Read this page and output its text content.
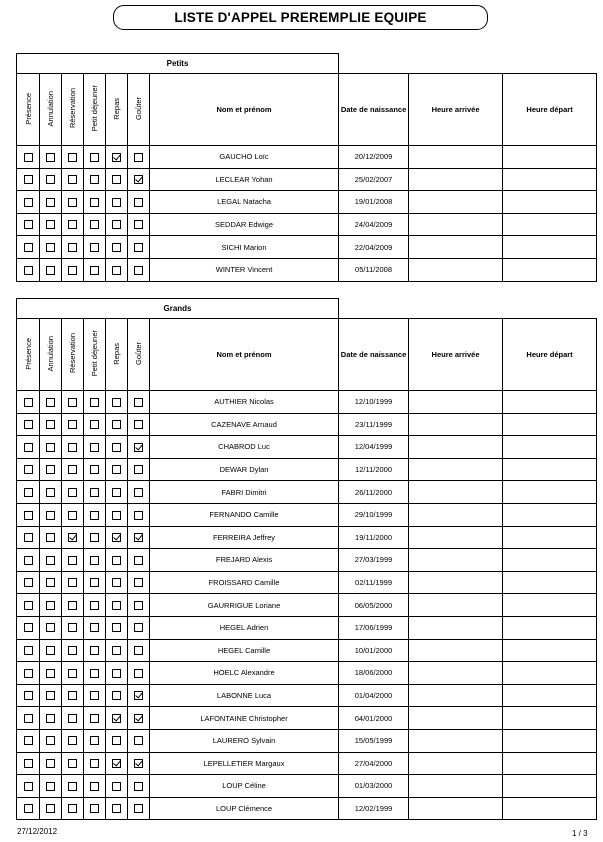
LISTE D'APPEL PREREMPLIE EQUIPE
Petits									
Présence	Annulation	Réservation	Petit déjeuner	Repas	Goûter	Nom et prénom	Date de naissance	Heure arrivée	Heure départ
						GAUCHO Loïc	20/12/2009		
						LECLEAR Yohan	25/02/2007		
						LEGAL Natacha	19/01/2008		
						SEDDAR Edwige	24/04/2009		
						SICHI Marion	22/04/2009		
						WINTER Vincent	05/11/2008		
Grands									
Présence	Annulation	Réservation	Petit déjeuner	Repas	Goûter	Nom et prénom	Date de naissance	Heure arrivée	Heure départ
						AUTHIER Nicolas	12/10/1999		
						CAZENAVE Arnaud	23/11/1999		
						CHABROD Luc	12/04/1999		
						DEWAR Dylan	12/11/2000		
						FABRI Dimitri	26/11/2000		
						FERNANDO Camille	29/10/1999		
						FERREIRA Jeffrey	19/11/2000		
						FREJARD Alexis	27/03/1999		
						FROISSARD Camille	02/11/1999		
						GAURRIGUE Loriane	06/05/2000		
						HEGEL Adrien	17/06/1999		
						HEGEL Camille	10/01/2000		
						HOELC Alexandre	18/06/2000		
						LABONNE Luca	01/04/2000		
						LAFONTAINE Christopher	04/01/2000		
						LAURERO Sylvain	15/05/1999		
						LEPELLETIER Margaux	27/04/2000		
						LOUP Céline	01/03/2000		
						LOUP Clémence	12/02/1999		
27/12/2012	1 / 3
